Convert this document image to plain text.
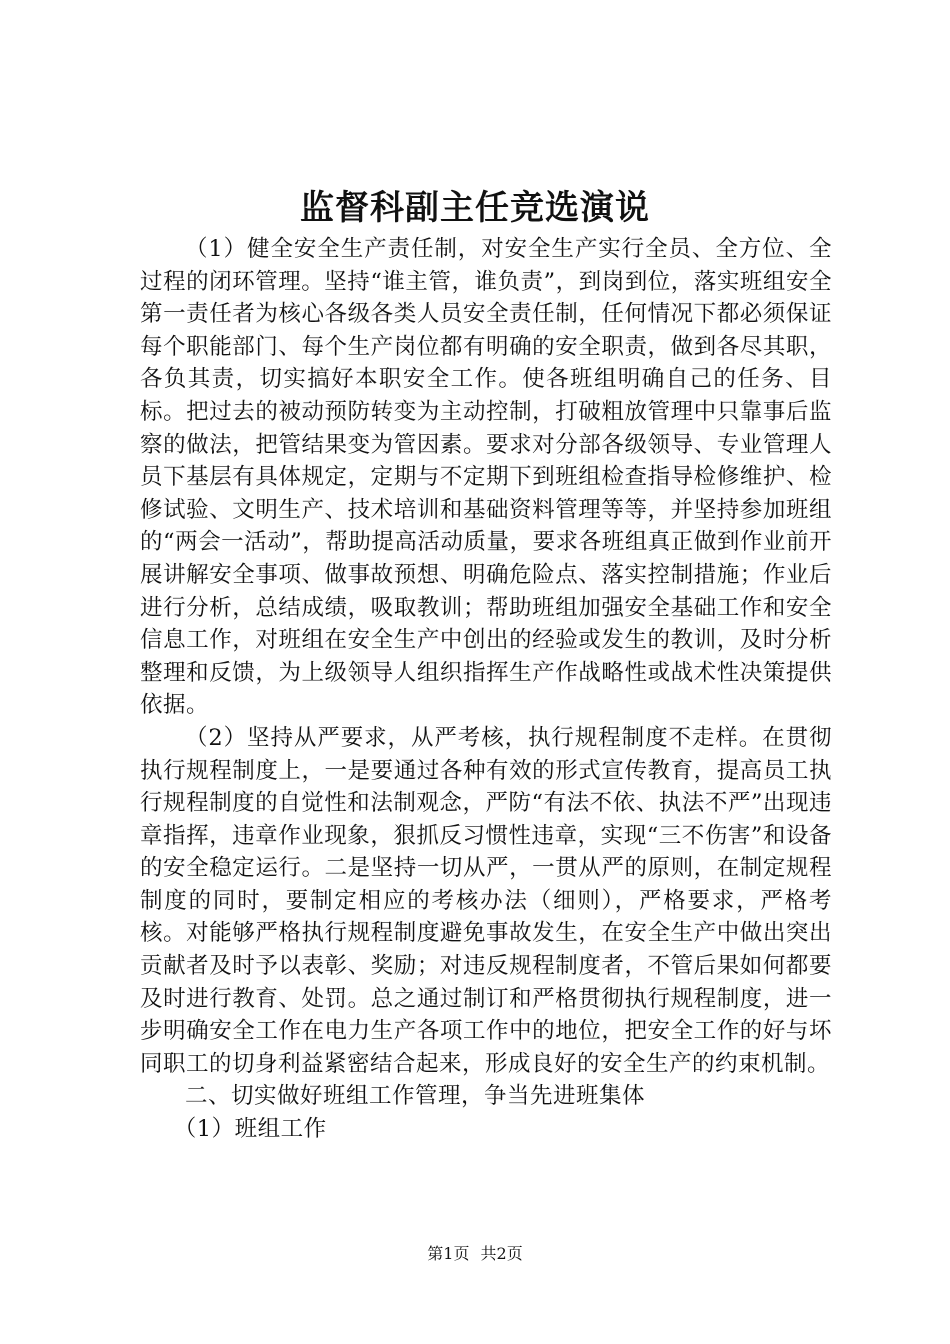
监督科副主任竞选演说

（1）健全安全生产责任制，对安全生产实行全员、全方位、全过程的闭环管理。坚持“谁主管，谁负责”，到岗到位，落实班组安全第一责任者为核心各级各类人员安全责任制，任何情况下都必须保证每个职能部门、每个生产岗位都有明确的安全职责，做到各尽其职，各负其责，切实搞好本职安全工作。使各班组明确自己的任务、目标。把过去的被动预防转变为主动控制，打破粗放管理中只靠事后监察的做法，把管结果变为管因素。要求对分部各级领导、专业管理人员下基层有具体规定，定期与不定期下到班组检查指导检修维护、检修试验、文明生产、技术培训和基础资料管理等等，并坚持参加班组的“两会一活动”，帮助提高活动质量，要求各班组真正做到作业前开展讲解安全事项、做事故预想、明确危险点、落实控制措施；作业后进行分析，总结成绩，吸取教训；帮助班组加强安全基础工作和安全信息工作，对班组在安全生产中创出的经验或发生的教训，及时分析整理和反馈，为上级领导人组织指挥生产作战略性或战术性决策提供依据。

（2）坚持从严要求，从严考核，执行规程制度不走样。在贯彻执行规程制度上，一是要通过各种有效的形式宣传教育，提高员工执行规程制度的自觉性和法制观念，严防“有法不依、执法不严”出现违章指挥，违章作业现象，狠抓反习惯性违章，实现“三不伤害”和设备的安全稳定运行。二是坚持一切从严，一贯从严的原则，在制定规程制度的同时，要制定相应的考核办法（细则），严格要求，严格考核。对能够严格执行规程制度避免事故发生，在安全生产中做出突出贡献者及时予以表彰、奖励；对违反规程制度者，不管后果如何都要及时进行教育、处罚。总之通过制订和严格贯彻执行规程制度，进一步明确安全工作在电力生产各项工作中的地位，把安全工作的好与坏同职工的切身利益紧密结合起来，形成良好的安全生产的约束机制。

二、切实做好班组工作管理，争当先进班集体

（1）班组工作

第1页 共2页
